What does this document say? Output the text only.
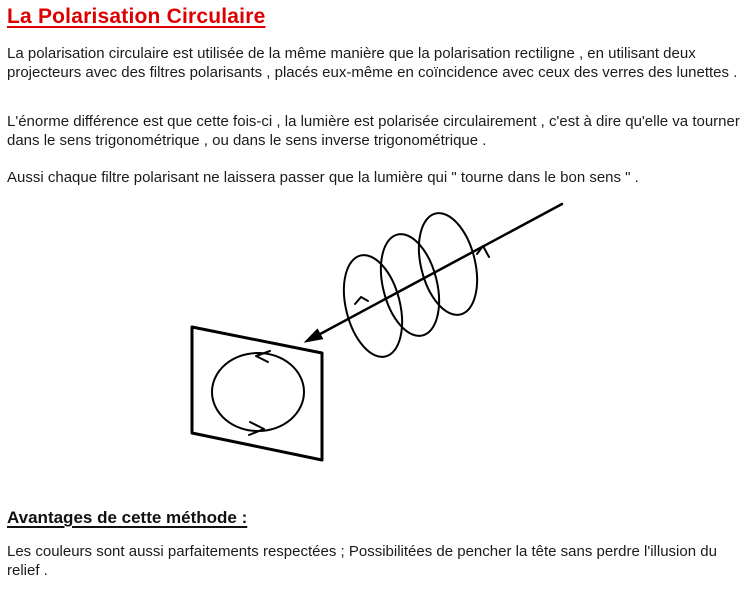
La Polarisation Circulaire

La polarisation circulaire est utilisée de la même manière que la polarisation rectiligne , en utilisant deux projecteurs avec des filtres polarisants , placés eux-même en coïncidence avec ceux des verres des lunettes .

L'énorme différence est que cette fois-ci , la lumière est polarisée circulairement , c'est à dire qu'elle va tourner dans le sens trigonométrique , ou dans le sens inverse trigonométrique .

Aussi chaque filtre polarisant ne laissera passer que la lumière qui " tourne dans le bon sens " .

Avantages de cette méthode :

Les couleurs sont aussi parfaitements respectées ; Possibilitées de pencher la tête sans perdre l'illusion du relief .
